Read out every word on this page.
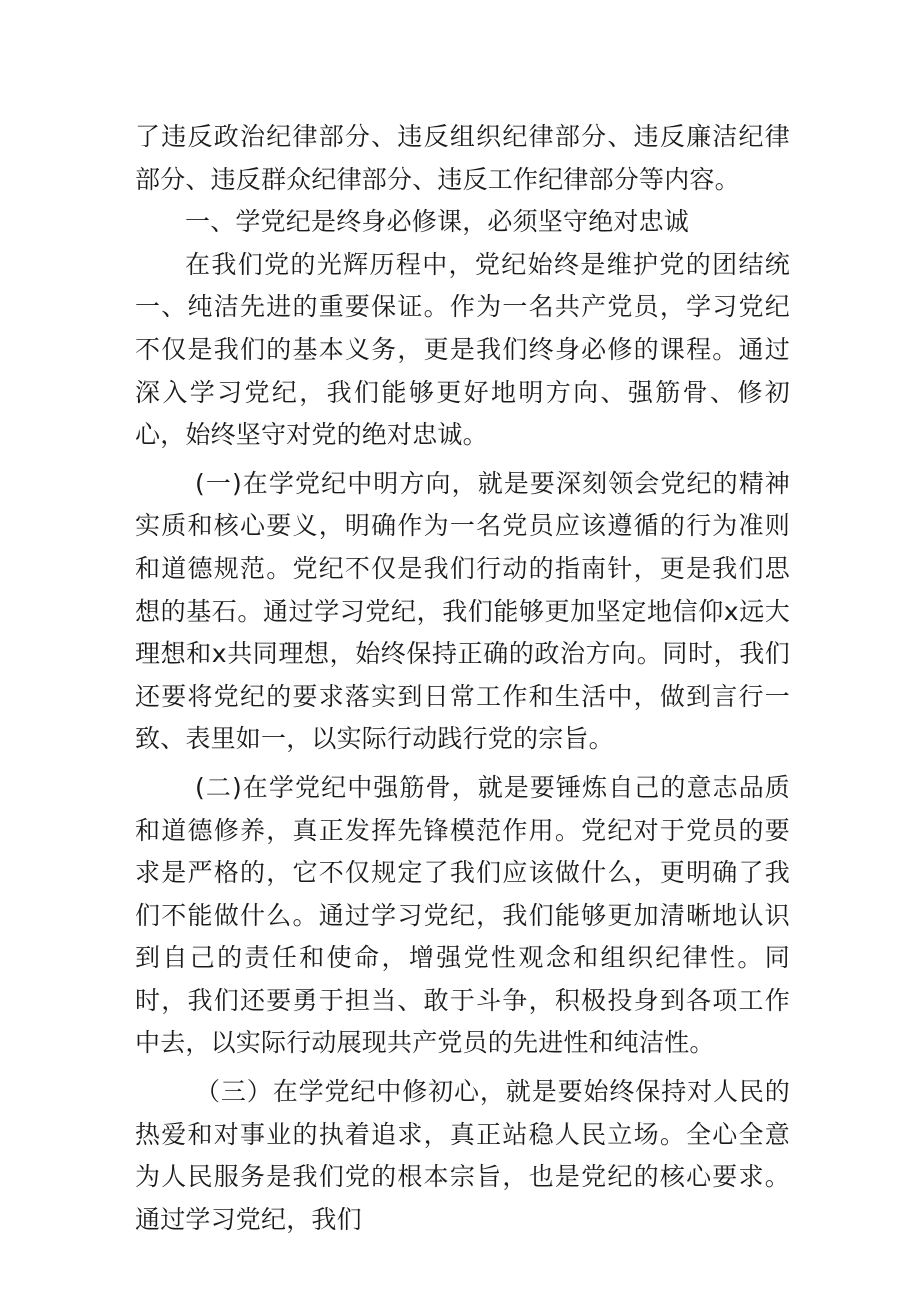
了违反政治纪律部分、违反组织纪律部分、违反廉洁纪律部分、违反群众纪律部分、违反工作纪律部分等内容。

一、学党纪是终身必修课，必须坚守绝对忠诚

在我们党的光辉历程中，党纪始终是维护党的团结统一、纯洁先进的重要保证。作为一名共产党员，学习党纪不仅是我们的基本义务，更是我们终身必修的课程。通过深入学习党纪，我们能够更好地明方向、强筋骨、修初心，始终坚守对党的绝对忠诚。

(一)在学党纪中明方向，就是要深刻领会党纪的精神实质和核心要义，明确作为一名党员应该遵循的行为准则和道德规范。党纪不仅是我们行动的指南针，更是我们思想的基石。通过学习党纪，我们能够更加坚定地信仰x远大理想和x共同理想，始终保持正确的政治方向。同时，我们还要将党纪的要求落实到日常工作和生活中，做到言行一致、表里如一，以实际行动践行党的宗旨。

(二)在学党纪中强筋骨，就是要锤炼自己的意志品质和道德修养，真正发挥先锋模范作用。党纪对于党员的要求是严格的，它不仅规定了我们应该做什么，更明确了我们不能做什么。通过学习党纪，我们能够更加清晰地认识到自己的责任和使命，增强党性观念和组织纪律性。同时，我们还要勇于担当、敢于斗争，积极投身到各项工作中去，以实际行动展现共产党员的先进性和纯洁性。

（三）在学党纪中修初心，就是要始终保持对人民的热爱和对事业的执着追求，真正站稳人民立场。全心全意为人民服务是我们党的根本宗旨，也是党纪的核心要求。通过学习党纪，我们
